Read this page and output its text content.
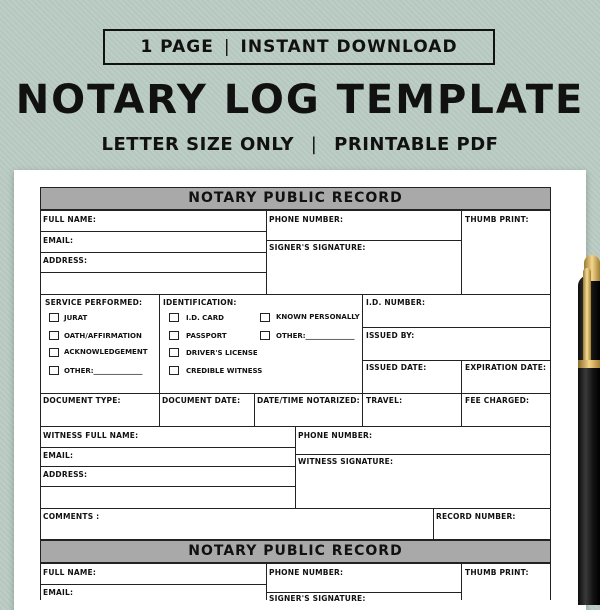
1 PAGE | INSTANT DOWNLOAD
NOTARY LOG TEMPLATE
LETTER SIZE ONLY | PRINTABLE PDF
NOTARY PUBLIC RECORD
FULL NAME:	PHONE NUMBER:	THUMB PRINT:
EMAIL:
SIGNER'S SIGNATURE:
ADDRESS:
SERVICE PERFORMED:
JURAT
OATH/AFFIRMATION
ACKNOWLEDGEMENT
OTHER:______________
IDENTIFICATION:
I.D. CARD
PASSPORT
DRIVER'S LICENSE
CREDIBLE WITNESS
KNOWN PERSONALLY
OTHER:______________
I.D. NUMBER:
ISSUED BY:
ISSUED DATE:	EXPIRATION DATE:
DOCUMENT TYPE:	DOCUMENT DATE: DATE/TIME NOTARIZED: TRAVEL:	FEE CHARGED:
WITNESS FULL NAME:	PHONE NUMBER:
EMAIL:
WITNESS SIGNATURE:
ADDRESS:
COMMENTS :	RECORD NUMBER:
NOTARY PUBLIC RECORD
FULL NAME:	PHONE NUMBER:	THUMB PRINT:
EMAIL:
SIGNER'S SIGNATURE:
